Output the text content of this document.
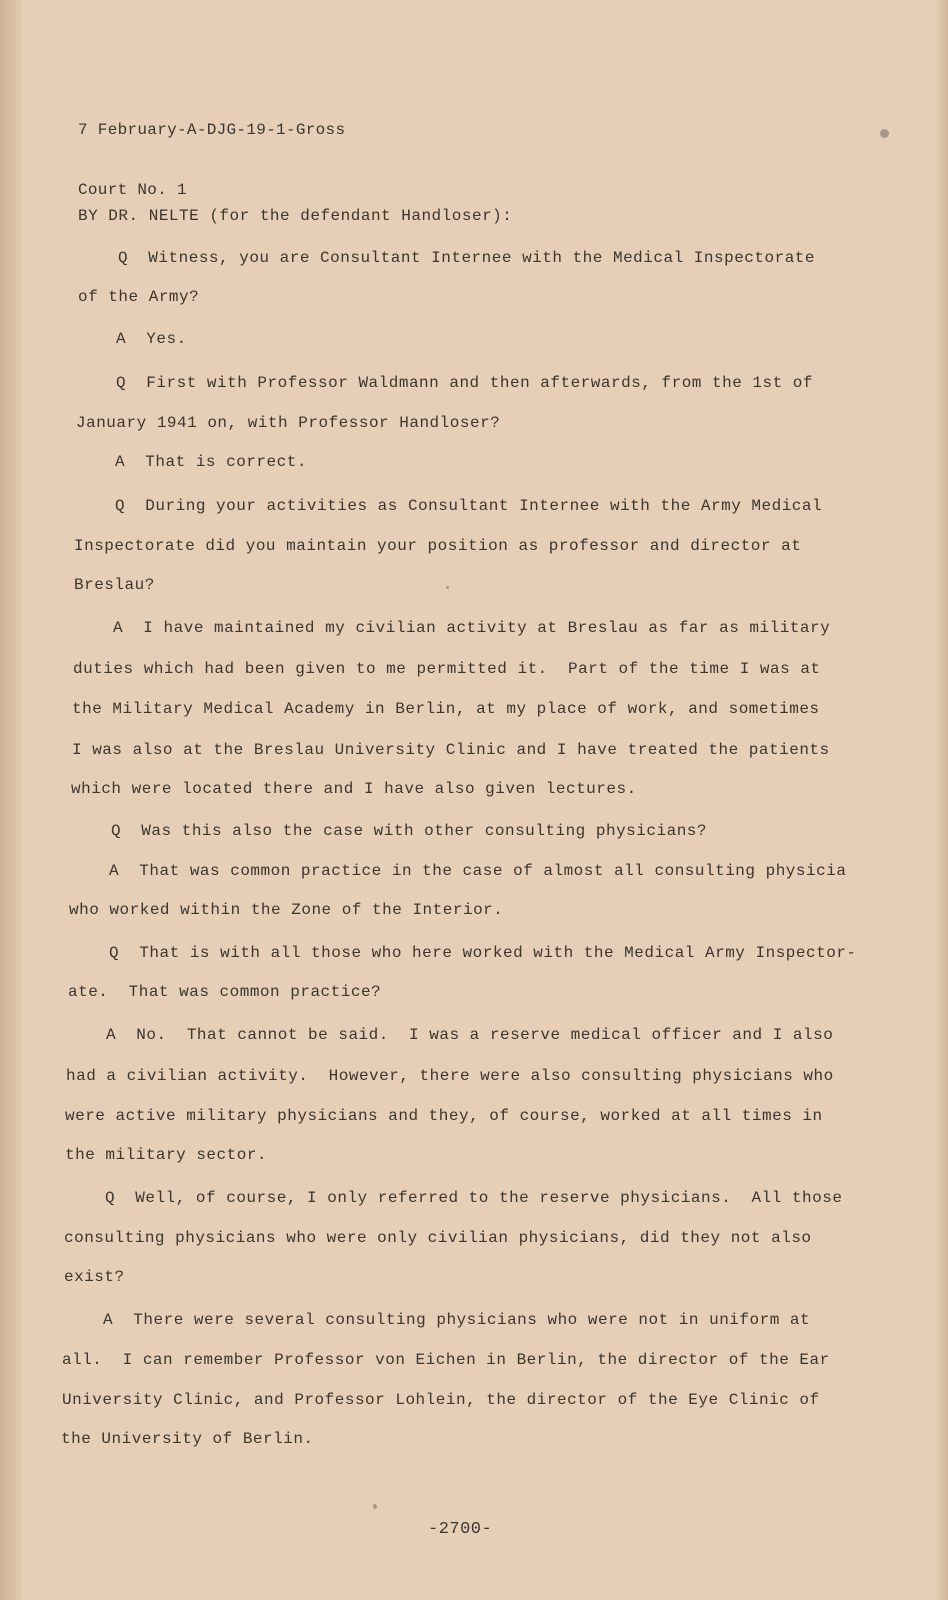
7 February-A-DJG-19-1-Gross

Court No. 1

BY DR. NELTE (for the defendant Handloser):
Q  Witness, you are Consultant Internee with the Medical Inspectorate
of the Army?
A  Yes.
Q  First with Professor Waldmann and then afterwards, from the 1st of
January 1941 on, with Professor Handloser?
A  That is correct.
Q  During your activities as Consultant Internee with the Army Medical
Inspectorate did you maintain your position as professor and director at
Breslau?
A  I have maintained my civilian activity at Breslau as far as military
duties which had been given to me permitted it.  Part of the time I was at
the Military Medical Academy in Berlin, at my place of work, and sometimes
I was also at the Breslau University Clinic and I have treated the patients
which were located there and I have also given lectures.
Q  Was this also the case with other consulting physicians?
A  That was common practice in the case of almost all consulting physicia
who worked within the Zone of the Interior.
Q  That is with all those who here worked with the Medical Army Inspector-
ate.  That was common practice?
A  No.  That cannot be said.  I was a reserve medical officer and I also
had a civilian activity.  However, there were also consulting physicians who
were active military physicians and they, of course, worked at all times in
the military sector.
Q  Well, of course, I only referred to the reserve physicians.  All those
consulting physicians who were only civilian physicians, did they not also
exist?
A  There were several consulting physicians who were not in uniform at
all.  I can remember Professor von Eichen in Berlin, the director of the Ear
University Clinic, and Professor Lohlein, the director of the Eye Clinic of
the University of Berlin.
-2700-
